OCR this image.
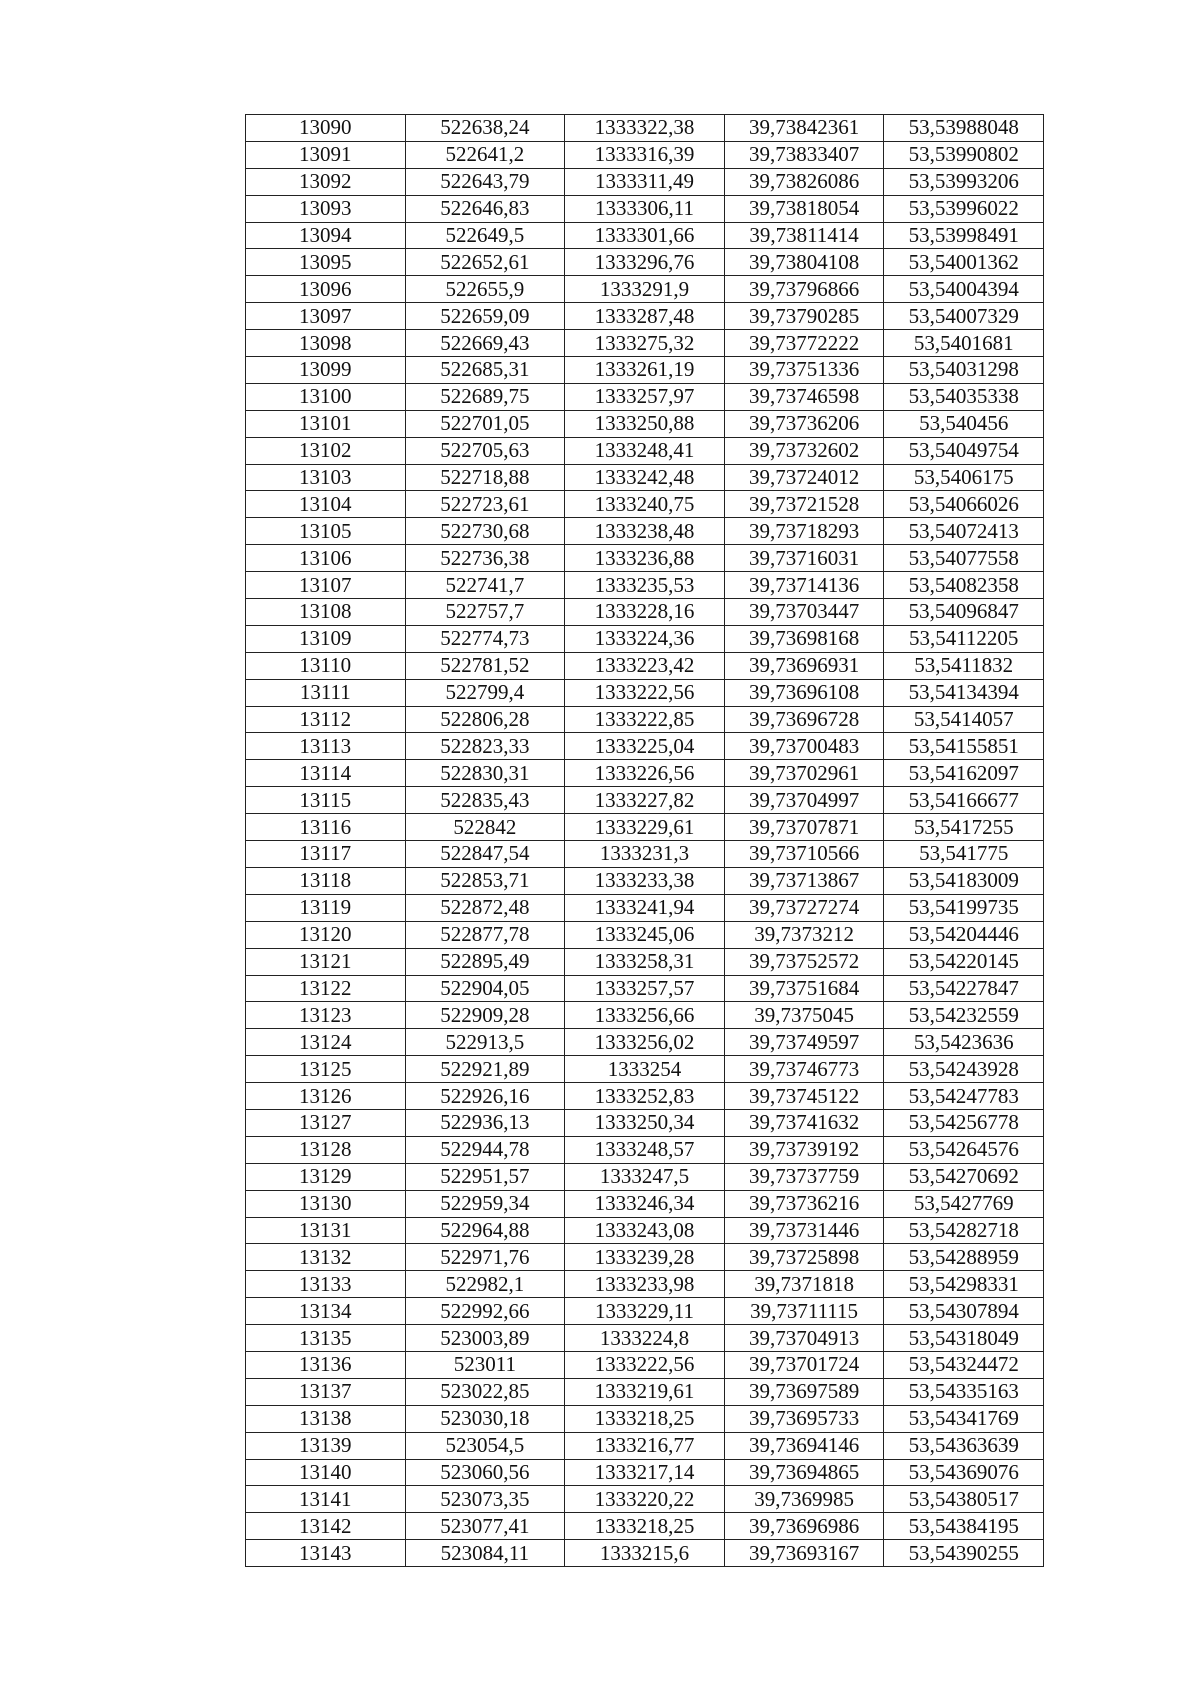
13090	522638,24	1333322,38	39,73842361	53,53988048
13091	522641,2	1333316,39	39,73833407	53,53990802
13092	522643,79	1333311,49	39,73826086	53,53993206
13093	522646,83	1333306,11	39,73818054	53,53996022
13094	522649,5	1333301,66	39,73811414	53,53998491
13095	522652,61	1333296,76	39,73804108	53,54001362
13096	522655,9	1333291,9	39,73796866	53,54004394
13097	522659,09	1333287,48	39,73790285	53,54007329
13098	522669,43	1333275,32	39,73772222	53,5401681
13099	522685,31	1333261,19	39,73751336	53,54031298
13100	522689,75	1333257,97	39,73746598	53,54035338
13101	522701,05	1333250,88	39,73736206	53,540456
13102	522705,63	1333248,41	39,73732602	53,54049754
13103	522718,88	1333242,48	39,73724012	53,5406175
13104	522723,61	1333240,75	39,73721528	53,54066026
13105	522730,68	1333238,48	39,73718293	53,54072413
13106	522736,38	1333236,88	39,73716031	53,54077558
13107	522741,7	1333235,53	39,73714136	53,54082358
13108	522757,7	1333228,16	39,73703447	53,54096847
13109	522774,73	1333224,36	39,73698168	53,54112205
13110	522781,52	1333223,42	39,73696931	53,5411832
13111	522799,4	1333222,56	39,73696108	53,54134394
13112	522806,28	1333222,85	39,73696728	53,5414057
13113	522823,33	1333225,04	39,73700483	53,54155851
13114	522830,31	1333226,56	39,73702961	53,54162097
13115	522835,43	1333227,82	39,73704997	53,54166677
13116	522842	1333229,61	39,73707871	53,5417255
13117	522847,54	1333231,3	39,73710566	53,541775
13118	522853,71	1333233,38	39,73713867	53,54183009
13119	522872,48	1333241,94	39,73727274	53,54199735
13120	522877,78	1333245,06	39,7373212	53,54204446
13121	522895,49	1333258,31	39,73752572	53,54220145
13122	522904,05	1333257,57	39,73751684	53,54227847
13123	522909,28	1333256,66	39,7375045	53,54232559
13124	522913,5	1333256,02	39,73749597	53,5423636
13125	522921,89	1333254	39,73746773	53,54243928
13126	522926,16	1333252,83	39,73745122	53,54247783
13127	522936,13	1333250,34	39,73741632	53,54256778
13128	522944,78	1333248,57	39,73739192	53,54264576
13129	522951,57	1333247,5	39,73737759	53,54270692
13130	522959,34	1333246,34	39,73736216	53,5427769
13131	522964,88	1333243,08	39,73731446	53,54282718
13132	522971,76	1333239,28	39,73725898	53,54288959
13133	522982,1	1333233,98	39,7371818	53,54298331
13134	522992,66	1333229,11	39,73711115	53,54307894
13135	523003,89	1333224,8	39,73704913	53,54318049
13136	523011	1333222,56	39,73701724	53,54324472
13137	523022,85	1333219,61	39,73697589	53,54335163
13138	523030,18	1333218,25	39,73695733	53,54341769
13139	523054,5	1333216,77	39,73694146	53,54363639
13140	523060,56	1333217,14	39,73694865	53,54369076
13141	523073,35	1333220,22	39,7369985	53,54380517
13142	523077,41	1333218,25	39,73696986	53,54384195
13143	523084,11	1333215,6	39,73693167	53,54390255
